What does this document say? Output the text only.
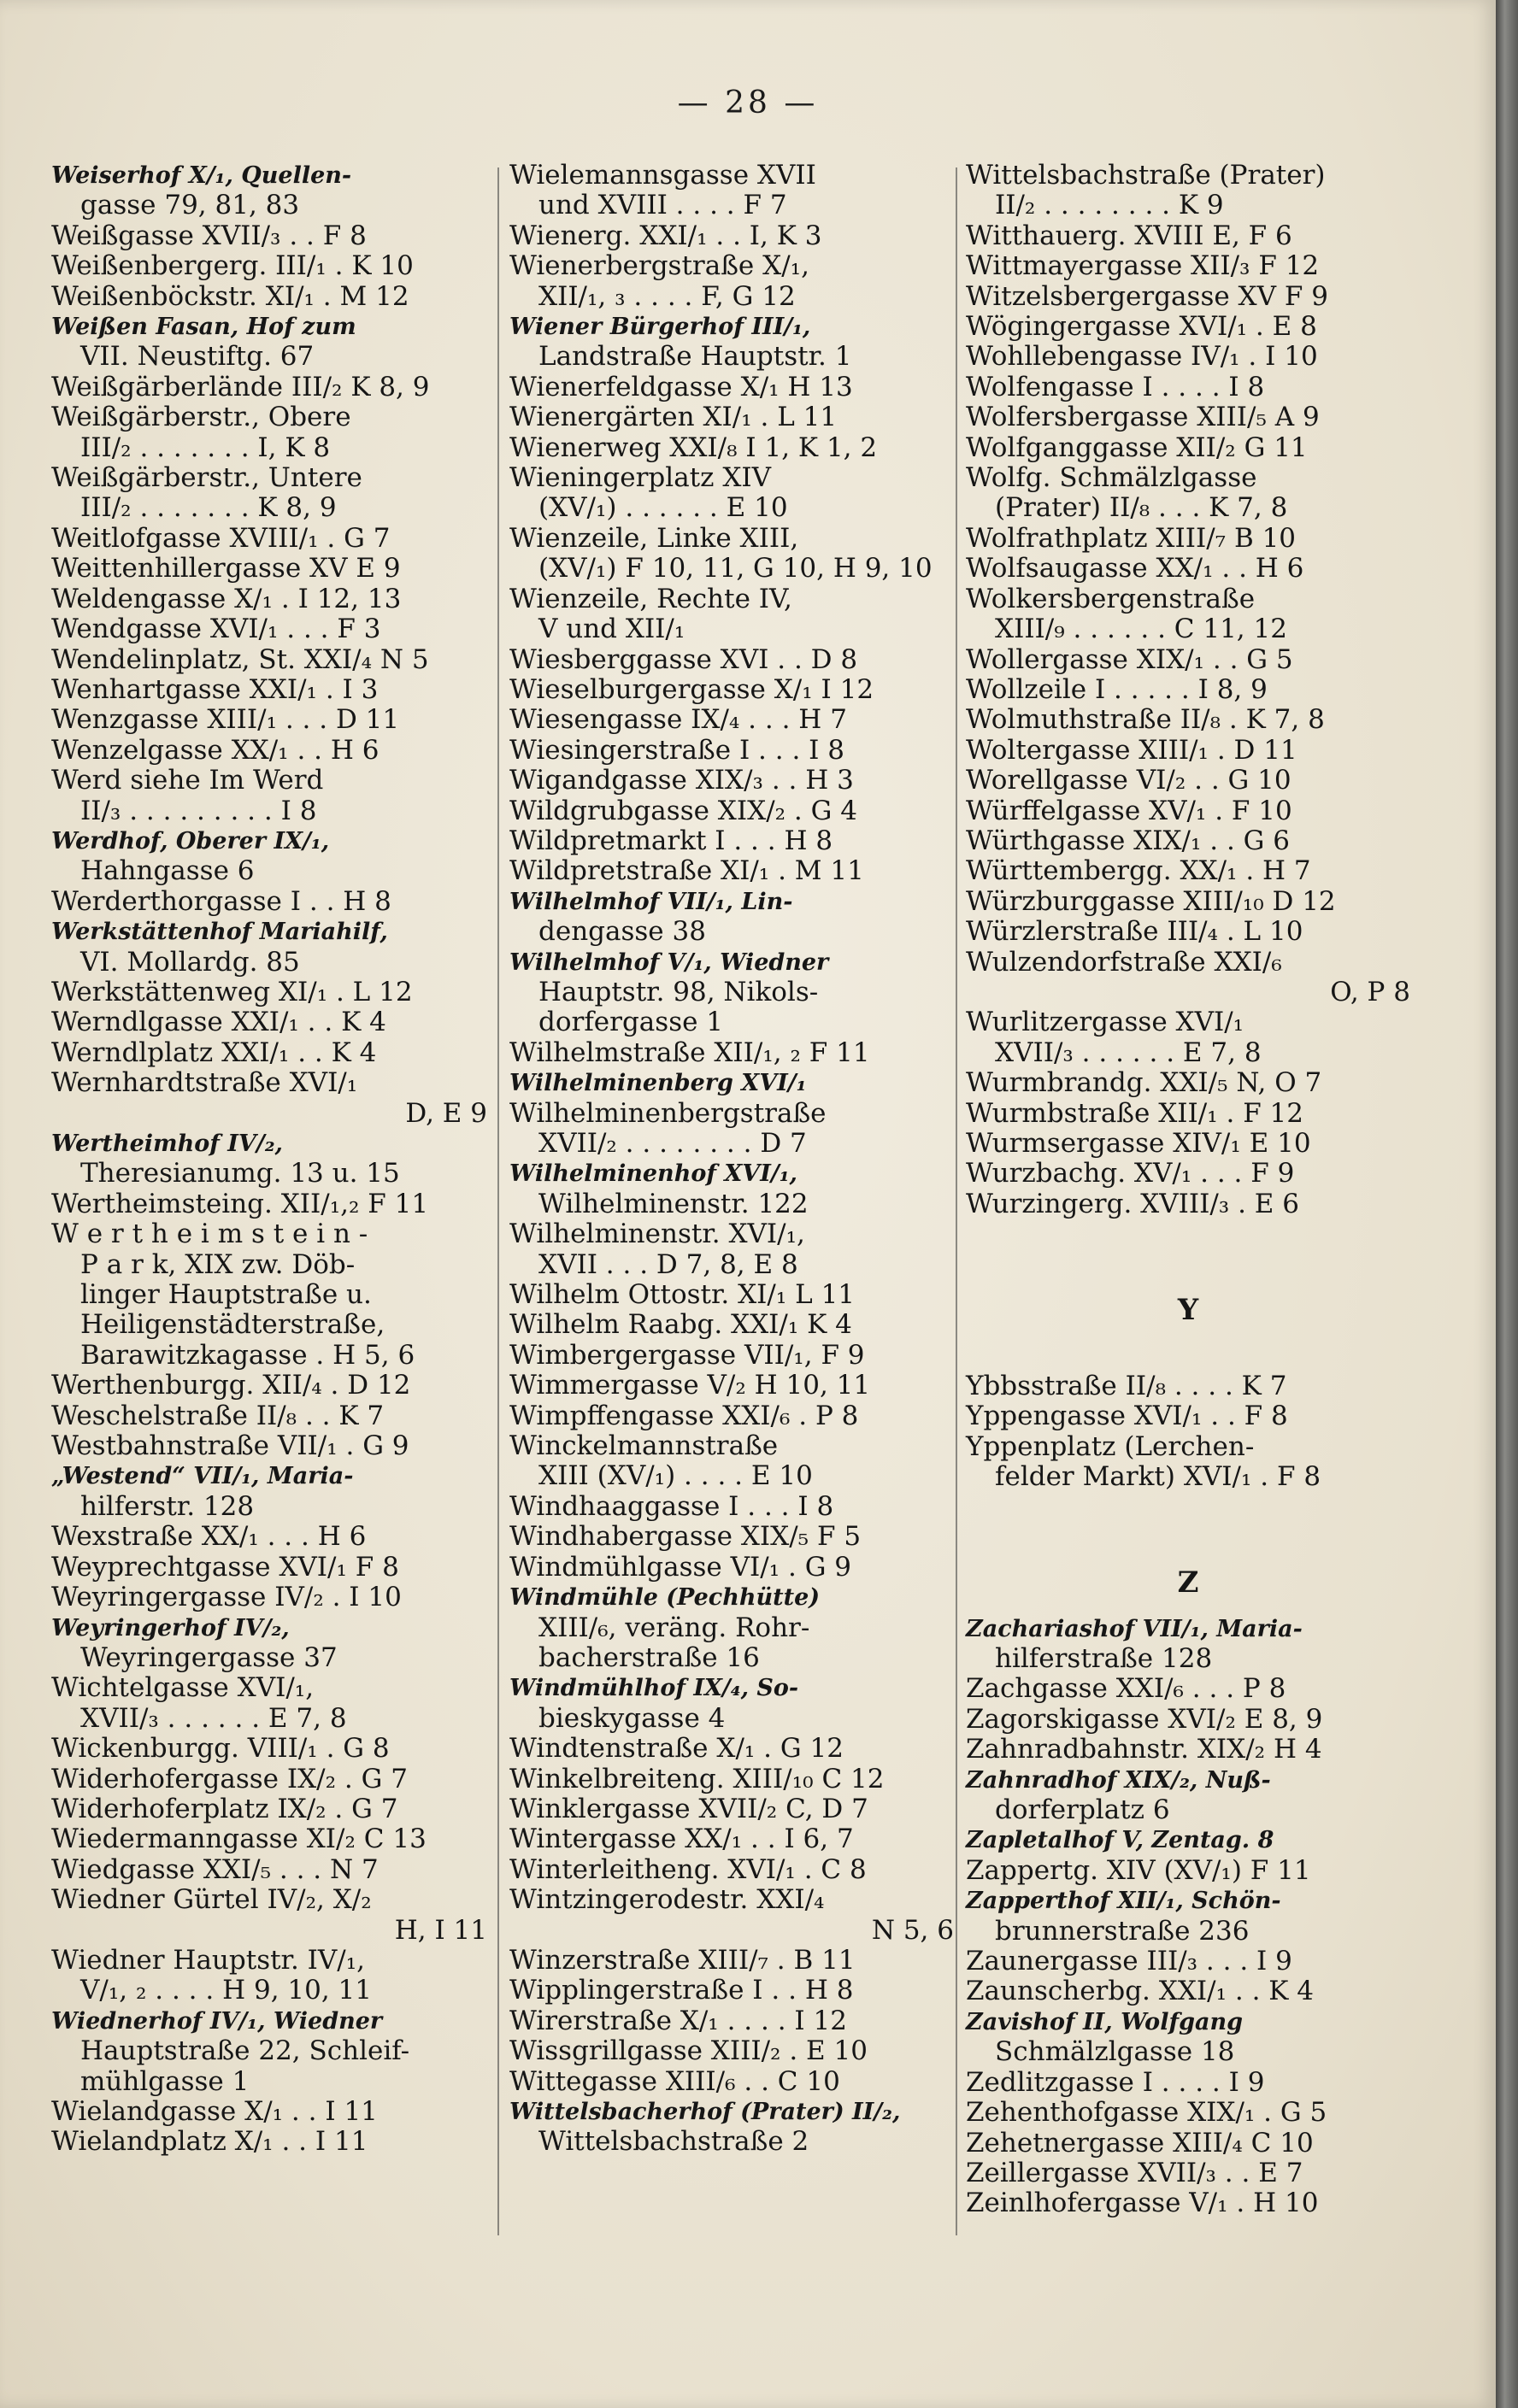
— 28 —
Weiserhof X/₁, Quellen-
gasse 79, 81, 83
Weißgasse XVII/₃ . . F 8
Weißenbergerg. III/₁ . K 10
Weißenböckstr. XI/₁ . M 12
Weißen Fasan, Hof zum
VII. Neustiftg. 67
Weißgärberlände III/₂ K 8, 9
Weißgärberstr., Obere
III/₂ . . . . . . . I, K 8
Weißgärberstr., Untere
III/₂ . . . . . . . K 8, 9
Weitlofgasse XVIII/₁ . G 7
Weittenhillergasse XV E 9
Weldengasse X/₁ . I 12, 13
Wendgasse XVI/₁ . . . F 3
Wendelinplatz, St. XXI/₄ N 5
Wenhartgasse XXI/₁ . I 3
Wenzgasse XIII/₁ . . . D 11
Wenzelgasse XX/₁ . . H 6
Werd siehe Im Werd
II/₃ . . . . . . . . . I 8
Werdhof, Oberer IX/₁,
Hahngasse 6
Werderthorgasse I . . H 8
Werkstättenhof Mariahilf,
VI. Mollardg. 85
Werkstättenweg XI/₁ . L 12
Werndlgasse XXI/₁ . . K 4
Werndlplatz XXI/₁ . . K 4
Wernhardtstraße XVI/₁
D, E 9
Wertheimhof IV/₂,
Theresianumg. 13 u. 15
Wertheimsteing. XII/₁,₂ F 11
W e r t h e i m s t e i n -
P a r k, XIX zw. Döb-
linger Hauptstraße u.
Heiligenstädterstraße,
Barawitzkagasse . H 5, 6
Werthenburgg. XII/₄ . D 12
Weschelstraße II/₈ . . K 7
Westbahnstraße VII/₁ . G 9
„Westend“ VII/₁, Maria-
hilferstr. 128
Wexstraße XX/₁ . . . H 6
Weyprechtgasse XVI/₁ F 8
Weyringergasse IV/₂ . I 10
Weyringerhof IV/₂,
Weyringergasse 37
Wichtelgasse XVI/₁,
XVII/₃ . . . . . . E 7, 8
Wickenburgg. VIII/₁ . G 8
Widerhofergasse IX/₂ . G 7
Widerhoferplatz IX/₂ . G 7
Wiedermanngasse XI/₂ C 13
Wiedgasse XXI/₅ . . . N 7
Wiedner Gürtel IV/₂, X/₂
H, I 11
Wiedner Hauptstr. IV/₁,
V/₁, ₂ . . . . H 9, 10, 11
Wiednerhof IV/₁, Wiedner
Hauptstraße 22, Schleif-
mühlgasse 1
Wielandgasse X/₁ . . I 11
Wielandplatz X/₁ . . I 11
Wielemannsgasse XVII
und XVIII . . . . F 7
Wienerg. XXI/₁ . . I, K 3
Wienerbergstraße X/₁,
XII/₁, ₃ . . . . F, G 12
Wiener Bürgerhof III/₁,
Landstraße Hauptstr. 1
Wienerfeldgasse X/₁ H 13
Wienergärten XI/₁ . L 11
Wienerweg XXI/₈ I 1, K 1, 2
Wieningerplatz XIV
(XV/₁) . . . . . . E 10
Wienzeile, Linke XIII,
(XV/₁) F 10, 11, G 10, H 9, 10
Wienzeile, Rechte IV,
V und XII/₁
Wiesberggasse XVI . . D 8
Wieselburgergasse X/₁ I 12
Wiesengasse IX/₄ . . . H 7
Wiesingerstraße I . . . I 8
Wigandgasse XIX/₃ . . H 3
Wildgrubgasse XIX/₂ . G 4
Wildpretmarkt I . . . H 8
Wildpretstraße XI/₁ . M 11
Wilhelmhof VII/₁, Lin-
dengasse 38
Wilhelmhof V/₁, Wiedner
Hauptstr. 98, Nikols-
dorfergasse 1
Wilhelmstraße XII/₁, ₂ F 11
Wilhelminenberg XVI/₁
Wilhelminenbergstraße
XVII/₂ . . . . . . . . D 7
Wilhelminenhof XVI/₁,
Wilhelminenstr. 122
Wilhelminenstr. XVI/₁,
XVII . . . D 7, 8, E 8
Wilhelm Ottostr. XI/₁ L 11
Wilhelm Raabg. XXI/₁ K 4
Wimbergergasse VII/₁, F 9
Wimmergasse V/₂ H 10, 11
Wimpffengasse XXI/₆ . P 8
Winckelmannstraße
XIII (XV/₁) . . . . E 10
Windhaaggasse I . . . I 8
Windhabergasse XIX/₅ F 5
Windmühlgasse VI/₁ . G 9
Windmühle (Pechhütte)
XIII/₆, veräng. Rohr-
bacherstraße 16
Windmühlhof IX/₄, So-
bieskygasse 4
Windtenstraße X/₁ . G 12
Winkelbreiteng. XIII/₁₀ C 12
Winklergasse XVII/₂ C, D 7
Wintergasse XX/₁ . . I 6, 7
Winterleitheng. XVI/₁ . C 8
Wintzingerodestr. XXI/₄
N 5, 6
Winzerstraße XIII/₇ . B 11
Wipplingerstraße I . . H 8
Wirerstraße X/₁ . . . . I 12
Wissgrillgasse XIII/₂ . E 10
Wittegasse XIII/₆ . . C 10
Wittelsbacherhof (Prater) II/₂,
Wittelsbachstraße 2
Wittelsbachstraße (Prater)
II/₂ . . . . . . . . K 9
Witthauerg. XVIII E, F 6
Wittmayergasse XII/₃ F 12
Witzelsbergergasse XV F 9
Wögingergasse XVI/₁ . E 8
Wohllebengasse IV/₁ . I 10
Wolfengasse I . . . . I 8
Wolfersbergasse XIII/₅ A 9
Wolfganggasse XII/₂ G 11
Wolfg. Schmälzlgasse
(Prater) II/₈ . . . K 7, 8
Wolfrathplatz XIII/₇ B 10
Wolfsaugasse XX/₁ . . H 6
Wolkersbergenstraße
XIII/₉ . . . . . . C 11, 12
Wollergasse XIX/₁ . . G 5
Wollzeile I . . . . . I 8, 9
Wolmuthstraße II/₈ . K 7, 8
Woltergasse XIII/₁ . D 11
Worellgasse VI/₂ . . G 10
Würffelgasse XV/₁ . F 10
Würthgasse XIX/₁ . . G 6
Württembergg. XX/₁ . H 7
Würzburggasse XIII/₁₀ D 12
Würzlerstraße III/₄ . L 10
Wulzendorfstraße XXI/₆
O, P 8
Wurlitzergasse XVI/₁
XVII/₃ . . . . . . E 7, 8
Wurmbrandg. XXI/₅ N, O 7
Wurmbstraße XII/₁ . F 12
Wurmsergasse XIV/₁ E 10
Wurzbachg. XV/₁ . . . F 9
Wurzingerg. XVIII/₃ . E 6
Y
Ybbsstraße II/₈ . . . . K 7
Yppengasse XVI/₁ . . F 8
Yppenplatz (Lerchen-
felder Markt) XVI/₁ . F 8
Z
Zachariashof VII/₁, Maria-
hilferstraße 128
Zachgasse XXI/₆ . . . P 8
Zagorskigasse XVI/₂ E 8, 9
Zahnradbahnstr. XIX/₂ H 4
Zahnradhof XIX/₂, Nuß-
dorferplatz 6
Zapletalhof V, Zentag. 8
Zappertg. XIV (XV/₁) F 11
Zapperthof XII/₁, Schön-
brunnerstraße 236
Zaunergasse III/₃ . . . I 9
Zaunscherbg. XXI/₁ . . K 4
Zavishof II, Wolfgang
Schmälzlgasse 18
Zedlitzgasse I . . . . I 9
Zehenthofgasse XIX/₁ . G 5
Zehetnergasse XIII/₄ C 10
Zeillergasse XVII/₃ . . E 7
Zeinlhofergasse V/₁ . H 10
